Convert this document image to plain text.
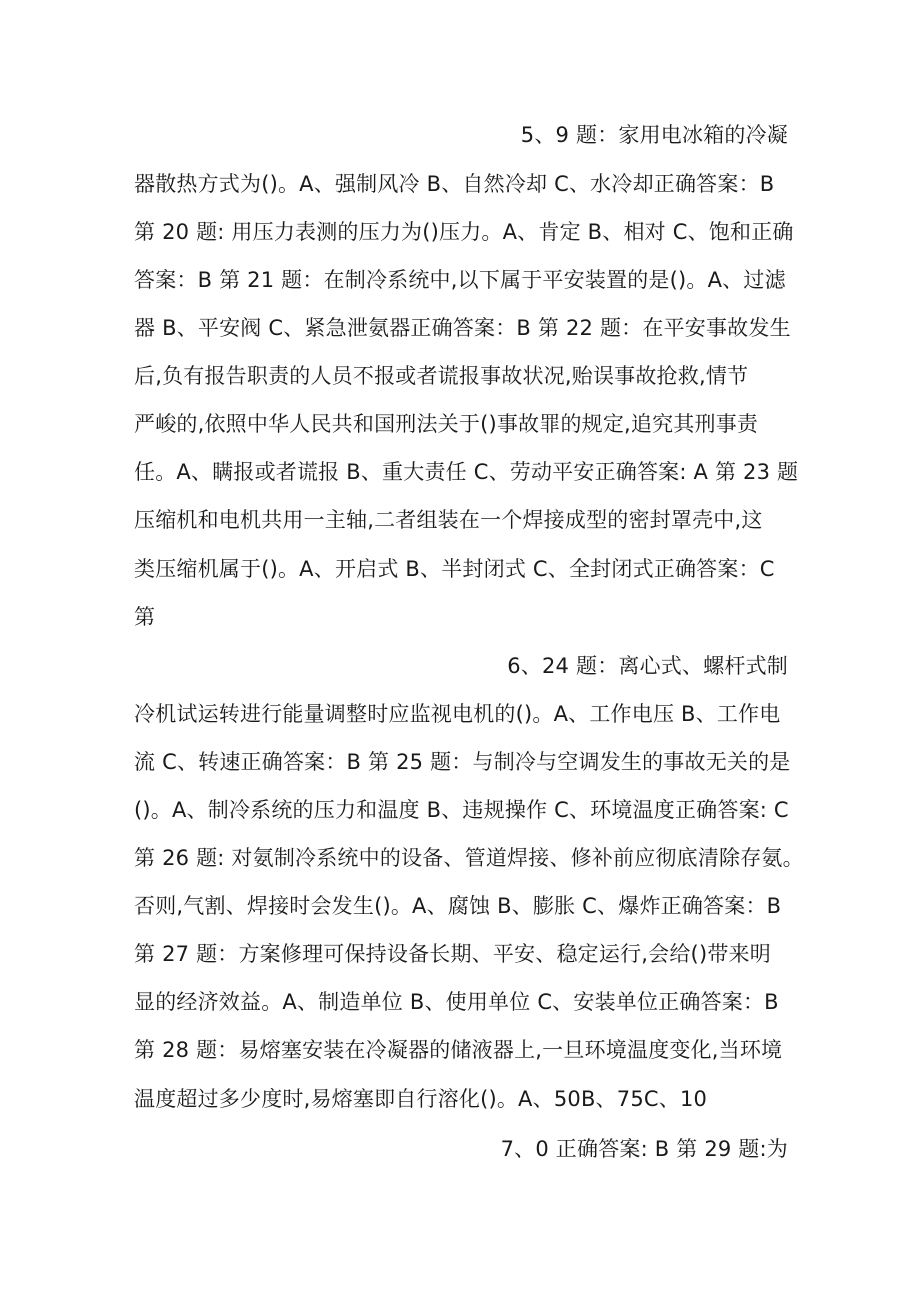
5、9 题：家用电冰箱的冷凝
器散热方式为()。A、强制风冷 B、自然冷却 C、水冷却正确答案：B
第 20 题: 用压力表测的压力为()压力。A、肯定 B、相对 C、饱和正确
答案：B 第 21 题：在制冷系统中,以下属于平安装置的是()。A、过滤
器 B、平安阀 C、紧急泄氨器正确答案：B 第 22 题：在平安事故发生
后,负有报告职责的人员不报或者谎报事故状况,贻误事故抢救,情节
严峻的,依照中华人民共和国刑法关于()事故罪的规定,追究其刑事责
任。A、瞒报或者谎报 B、重大责任 C、劳动平安正确答案: A 第 23 题
压缩机和电机共用一主轴,二者组装在一个焊接成型的密封罩壳中,这
类压缩机属于()。A、开启式 B、半封闭式 C、全封闭式正确答案：C
第
6、24 题：离心式、螺杆式制
冷机试运转进行能量调整时应监视电机的()。A、工作电压 B、工作电
流 C、转速正确答案：B 第 25 题：与制冷与空调发生的事故无关的是
()。A、制冷系统的压力和温度 B、违规操作 C、环境温度正确答案: C
第 26 题: 对氨制冷系统中的设备、管道焊接、修补前应彻底清除存氨。
否则,气割、焊接时会发生()。A、腐蚀 B、膨胀 C、爆炸正确答案：B
第 27 题：方案修理可保持设备长期、平安、稳定运行,会给()带来明
显的经济效益。A、制造单位 B、使用单位 C、安装单位正确答案：B
第 28 题：易熔塞安装在冷凝器的储液器上,一旦环境温度变化,当环境
温度超过多少度时,易熔塞即自行溶化()。A、50B、75C、10
7、0 正确答案: B 第 29 题:为
